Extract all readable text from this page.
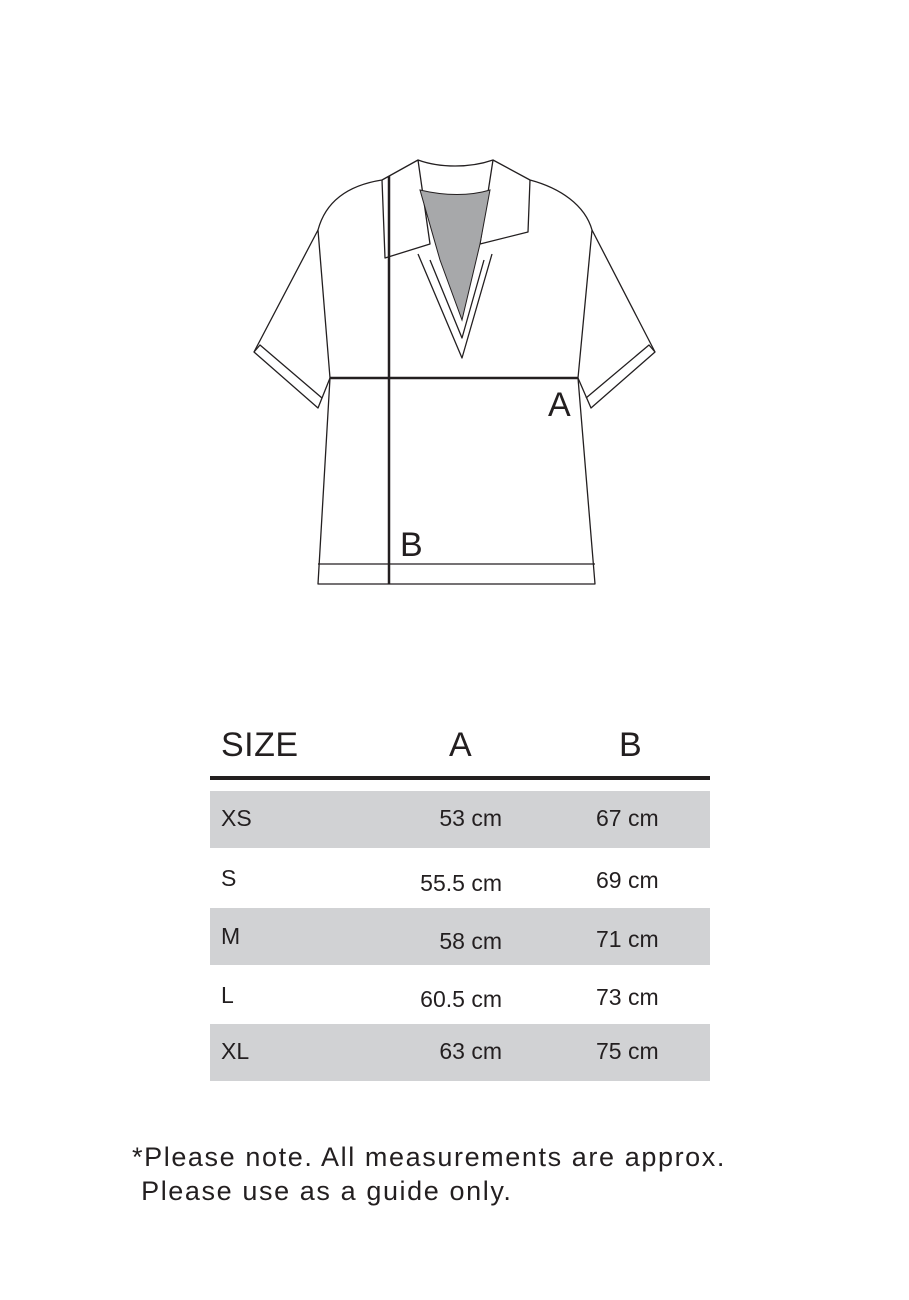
A
B
SIZE	A	B
XS	53 cm	67 cm
S	55.5 cm	69 cm
M	58 cm	71 cm
L	60.5 cm	73 cm
XL	63 cm	75 cm
*Please note. All measurements are approx.
Please use as a guide only.
